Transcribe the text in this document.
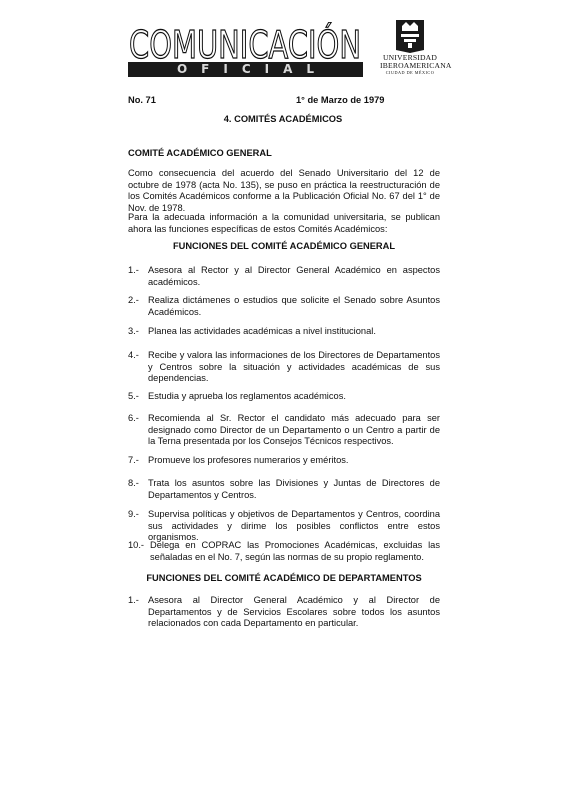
COMUNICACIÓN
OFICIAL
UNIVERSIDAD
IBEROAMERICANA
CIUDAD DE MÉXICO
No. 71	1° de Marzo de 1979
4. COMITÉS ACADÉMICOS
COMITÉ ACADÉMICO GENERAL
Como consecuencia del acuerdo del Senado Universitario del 12 de octubre de 1978 (acta No. 135), se puso en práctica la reestructuración de los Comités Académicos conforme a la Publicación Oficial No. 67 del 1° de Nov. de 1978.
Para la adecuada información a la comunidad universitaria, se publican ahora las funciones específicas de estos Comités Académicos:
FUNCIONES DEL COMITÉ ACADÉMICO GENERAL
1.- Asesora al Rector y al Director General Académico en aspectos académicos.
2.- Realiza dictámenes o estudios que solicite el Senado sobre Asuntos Académicos.
3.- Planea las actividades académicas a nivel institucional.
4.- Recibe y valora las informaciones de los Directores de Departamentos y Centros sobre la situación y actividades académicas de sus dependencias.
5.- Estudia y aprueba los reglamentos académicos.
6.- Recomienda al Sr. Rector el candidato más adecuado para ser designado como Director de un Departamento o un Centro a partir de la Terna presentada por los Consejos Técnicos respectivos.
7.- Promueve los profesores numerarios y eméritos.
8.- Trata los asuntos sobre las Divisiones y Juntas de Directores de Departamentos y Centros.
9.- Supervisa políticas y objetivos de Departamentos y Centros, coordina sus actividades y dirime los posibles conflictos entre estos organismos.
10.- Delega en COPRAC las Promociones Académicas, excluidas las señaladas en el No. 7, según las normas de su propio reglamento.
FUNCIONES DEL COMITÉ ACADÉMICO DE DEPARTAMENTOS
1.- Asesora al Director General Académico y al Director de Departamentos y de Servicios Escolares sobre todos los asuntos relacionados con cada Departamento en particular.
